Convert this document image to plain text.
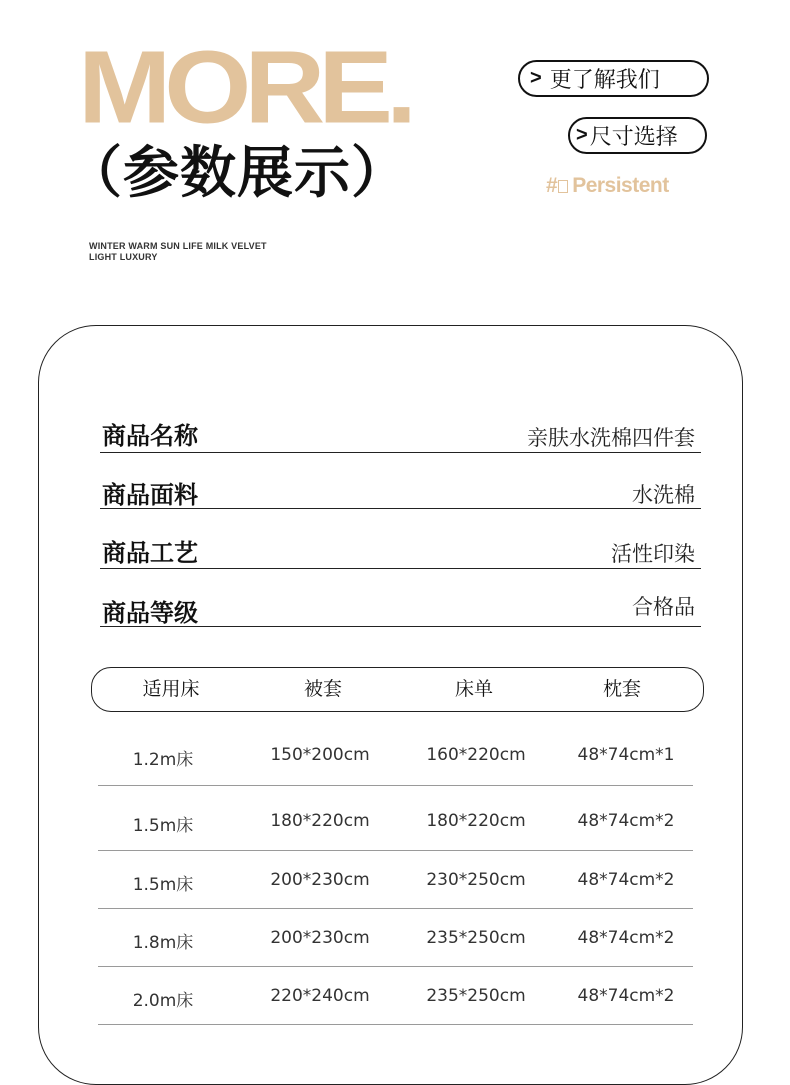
MORE.
（参数展示）
WINTER WARM SUN LIFE MILK VELVET
LIGHT LUXURY
> 更了解我们
> 尺寸选择
# Persistent
商品名称	亲肤水洗棉四件套
商品面料	水洗棉
商品工艺	活性印染
商品等级	合格品
适用床	被套	床单	枕套
1.2m床	150*200cm	160*220cm	48*74cm*1
1.5m床	180*220cm	180*220cm	48*74cm*2
1.5m床	200*230cm	230*250cm	48*74cm*2
1.8m床	200*230cm	235*250cm	48*74cm*2
2.0m床	220*240cm	235*250cm	48*74cm*2
